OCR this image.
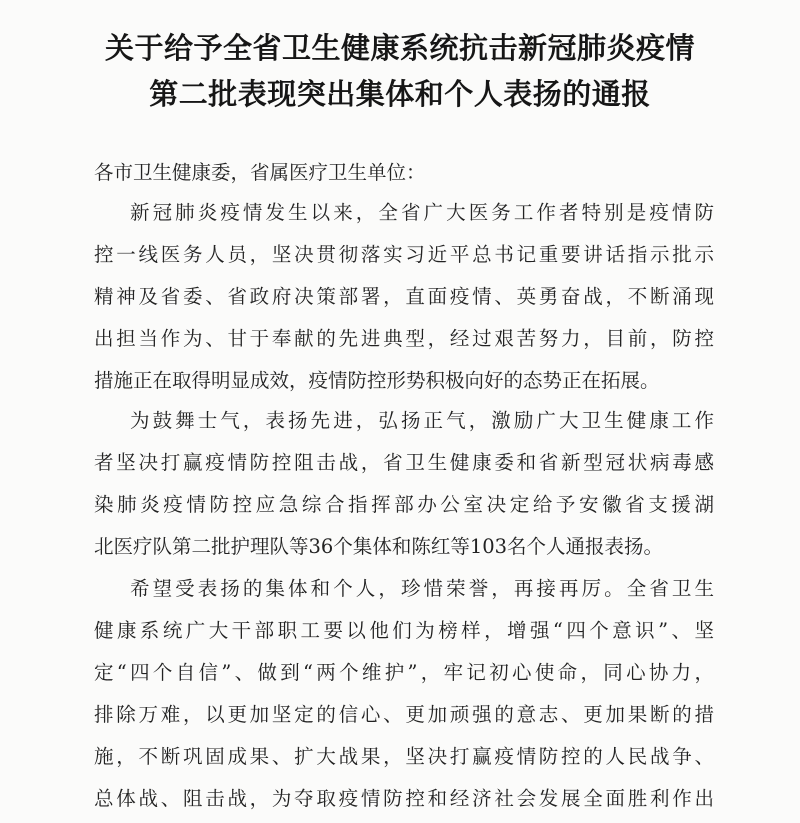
关于给予全省卫生健康系统抗击新冠肺炎疫情
第二批表现突出集体和个人表扬的通报
各市卫生健康委，省属医疗卫生单位：
新冠肺炎疫情发生以来，全省广大医务工作者特别是疫情防
控一线医务人员，坚决贯彻落实习近平总书记重要讲话指示批示
精神及省委、省政府决策部署，直面疫情、英勇奋战，不断涌现
出担当作为、甘于奉献的先进典型，经过艰苦努力，目前，防控
措施正在取得明显成效，疫情防控形势积极向好的态势正在拓展。
为鼓舞士气，表扬先进，弘扬正气，激励广大卫生健康工作
者坚决打赢疫情防控阻击战，省卫生健康委和省新型冠状病毒感
染肺炎疫情防控应急综合指挥部办公室决定给予安徽省支援湖
北医疗队第二批护理队等36个集体和陈红等103名个人通报表扬。
希望受表扬的集体和个人，珍惜荣誉，再接再厉。全省卫生
健康系统广大干部职工要以他们为榜样，增强“四个意识”、坚
定“四个自信”、做到“两个维护”，牢记初心使命，同心协力，
排除万难，以更加坚定的信心、更加顽强的意志、更加果断的措
施，不断巩固成果、扩大战果，坚决打赢疫情防控的人民战争、
总体战、阻击战，为夺取疫情防控和经济社会发展全面胜利作出
